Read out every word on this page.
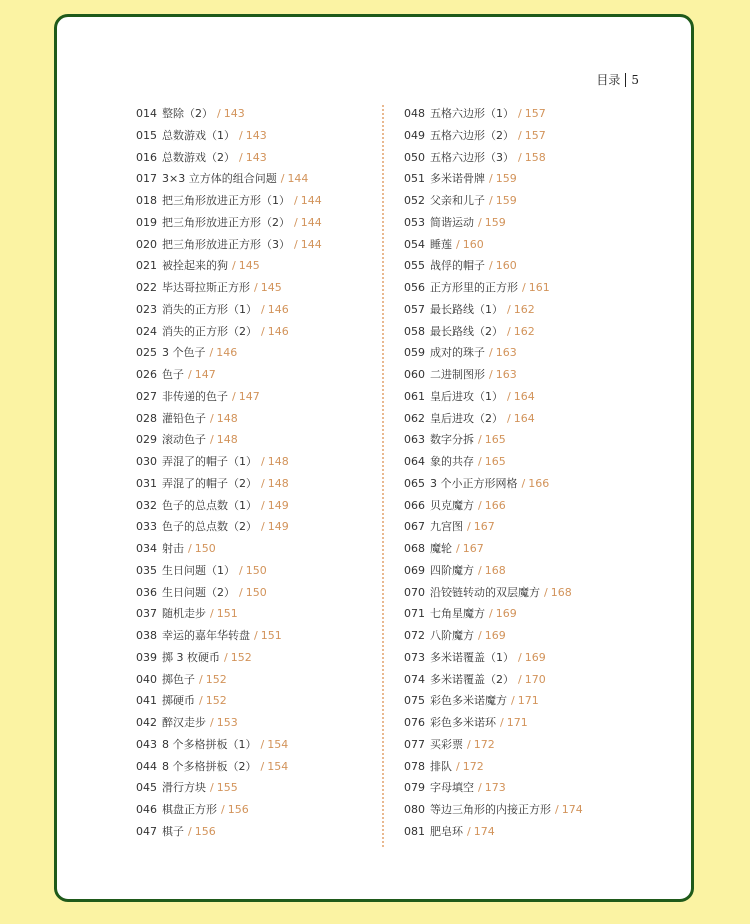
目录 5
014 整除（2） / 143
015 总数游戏（1） / 143
016 总数游戏（2） / 143
017 3×3 立方体的组合问题 / 144
018 把三角形放进正方形（1） / 144
019 把三角形放进正方形（2） / 144
020 把三角形放进正方形（3） / 144
021 被拴起来的狗 / 145
022 毕达哥拉斯正方形 / 145
023 消失的正方形（1） / 146
024 消失的正方形（2） / 146
025 3 个色子 / 146
026 色子 / 147
027 非传递的色子 / 147
028 灌铅色子 / 148
029 滚动色子 / 148
030 弄混了的帽子（1） / 148
031 弄混了的帽子（2） / 148
032 色子的总点数（1） / 149
033 色子的总点数（2） / 149
034 射击 / 150
035 生日问题（1） / 150
036 生日问题（2） / 150
037 随机走步 / 151
038 幸运的嘉年华转盘 / 151
039 掷 3 枚硬币 / 152
040 掷色子 / 152
041 掷硬币 / 152
042 醉汉走步 / 153
043 8 个多格拼板（1） / 154
044 8 个多格拼板（2） / 154
045 滑行方块 / 155
046 棋盘正方形 / 156
047 棋子 / 156
048 五格六边形（1） / 157
049 五格六边形（2） / 157
050 五格六边形（3） / 158
051 多米诺骨牌 / 159
052 父亲和儿子 / 159
053 简谐运动 / 159
054 睡莲 / 160
055 战俘的帽子 / 160
056 正方形里的正方形 / 161
057 最长路线（1） / 162
058 最长路线（2） / 162
059 成对的珠子 / 163
060 二进制图形 / 163
061 皇后进攻（1） / 164
062 皇后进攻（2） / 164
063 数字分拆 / 165
064 象的共存 / 165
065 3 个小正方形网格 / 166
066 贝克魔方 / 166
067 九宫图 / 167
068 魔轮 / 167
069 四阶魔方 / 168
070 沿铰链转动的双层魔方 / 168
071 七角星魔方 / 169
072 八阶魔方 / 169
073 多米诺覆盖（1） / 169
074 多米诺覆盖（2） / 170
075 彩色多米诺魔方 / 171
076 彩色多米诺环 / 171
077 买彩票 / 172
078 排队 / 172
079 字母填空 / 173
080 等边三角形的内接正方形 / 174
081 肥皂环 / 174
